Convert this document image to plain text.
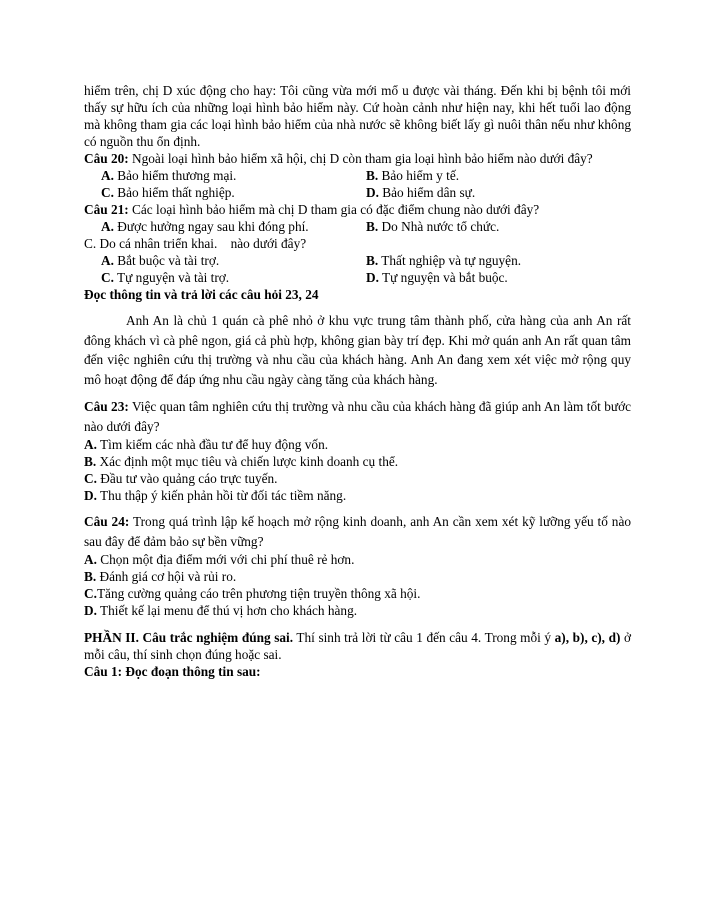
hiểm trên, chị D xúc động cho hay: Tôi cũng vừa mới mổ u được vài tháng. Đến khi bị bệnh tôi mới thấy sự hữu ích của những loại hình bảo hiểm này. Cứ hoàn cảnh như hiện nay, khi hết tuổi lao động mà không tham gia các loại hình bảo hiểm của nhà nước sẽ không biết lấy gì nuôi thân nếu như không có nguồn thu ổn định.

Câu 20: Ngoài loại hình bảo hiểm xã hội, chị D còn tham gia loại hình bảo hiểm nào dưới đây?

A. Bảo hiểm thương mại.	B. Bảo hiểm y tế.
C. Bảo hiểm thất nghiệp.	D. Bảo hiểm dân sự.

Câu 21: Các loại hình bảo hiểm mà chị D tham gia có đặc điểm chung nào dưới đây?

A. Được hưởng ngay sau khi đóng phí.	B. Do Nhà nước tổ chức.

C. Do cá nhân triển khai.    nào dưới đây?

A. Bắt buộc và tài trợ.	B. Thất nghiệp và tự nguyện.
C. Tự nguyện và tài trợ.	D. Tự nguyện và bắt buộc.

Đọc thông tin và trả lời các câu hỏi 23, 24

Anh An là chủ 1 quán cà phê nhỏ ở khu vực trung tâm thành phố, cửa hàng của anh An rất đông khách vì cà phê ngon, giá cả phù hợp, không gian bày trí đẹp. Khi mở quán anh An rất quan tâm đến việc nghiên cứu thị trường và nhu cầu của khách hàng. Anh An đang xem xét việc mở rộng quy mô hoạt động để đáp ứng nhu cầu ngày càng tăng của khách hàng.

Câu 23: Việc quan tâm nghiên cứu thị trường và nhu cầu của khách hàng đã giúp anh An làm tốt bước nào dưới đây?

A. Tìm kiếm các nhà đầu tư để huy động vốn.

B. Xác định một mục tiêu và chiến lược kinh doanh cụ thể.

C. Đầu tư vào quảng cáo trực tuyến.

D. Thu thập ý kiến phản hồi từ đối tác tiềm năng.

Câu 24: Trong quá trình lập kế hoạch mở rộng kinh doanh, anh An cần xem xét kỹ lưỡng yếu tố nào sau đây để đảm bảo sự bền vững?

A. Chọn một địa điểm mới với chi phí thuê rẻ hơn.

B. Đánh giá cơ hội và rủi ro.

C.Tăng cường quảng cáo trên phương tiện truyền thông xã hội.

D. Thiết kế lại menu để thú vị hơn cho khách hàng.

PHẦN II. Câu trắc nghiệm đúng sai. Thí sinh trả lời từ câu 1 đến câu 4. Trong mỗi ý a), b), c), d) ở mỗi câu, thí sinh chọn đúng hoặc sai.

Câu 1: Đọc đoạn thông tin sau:
